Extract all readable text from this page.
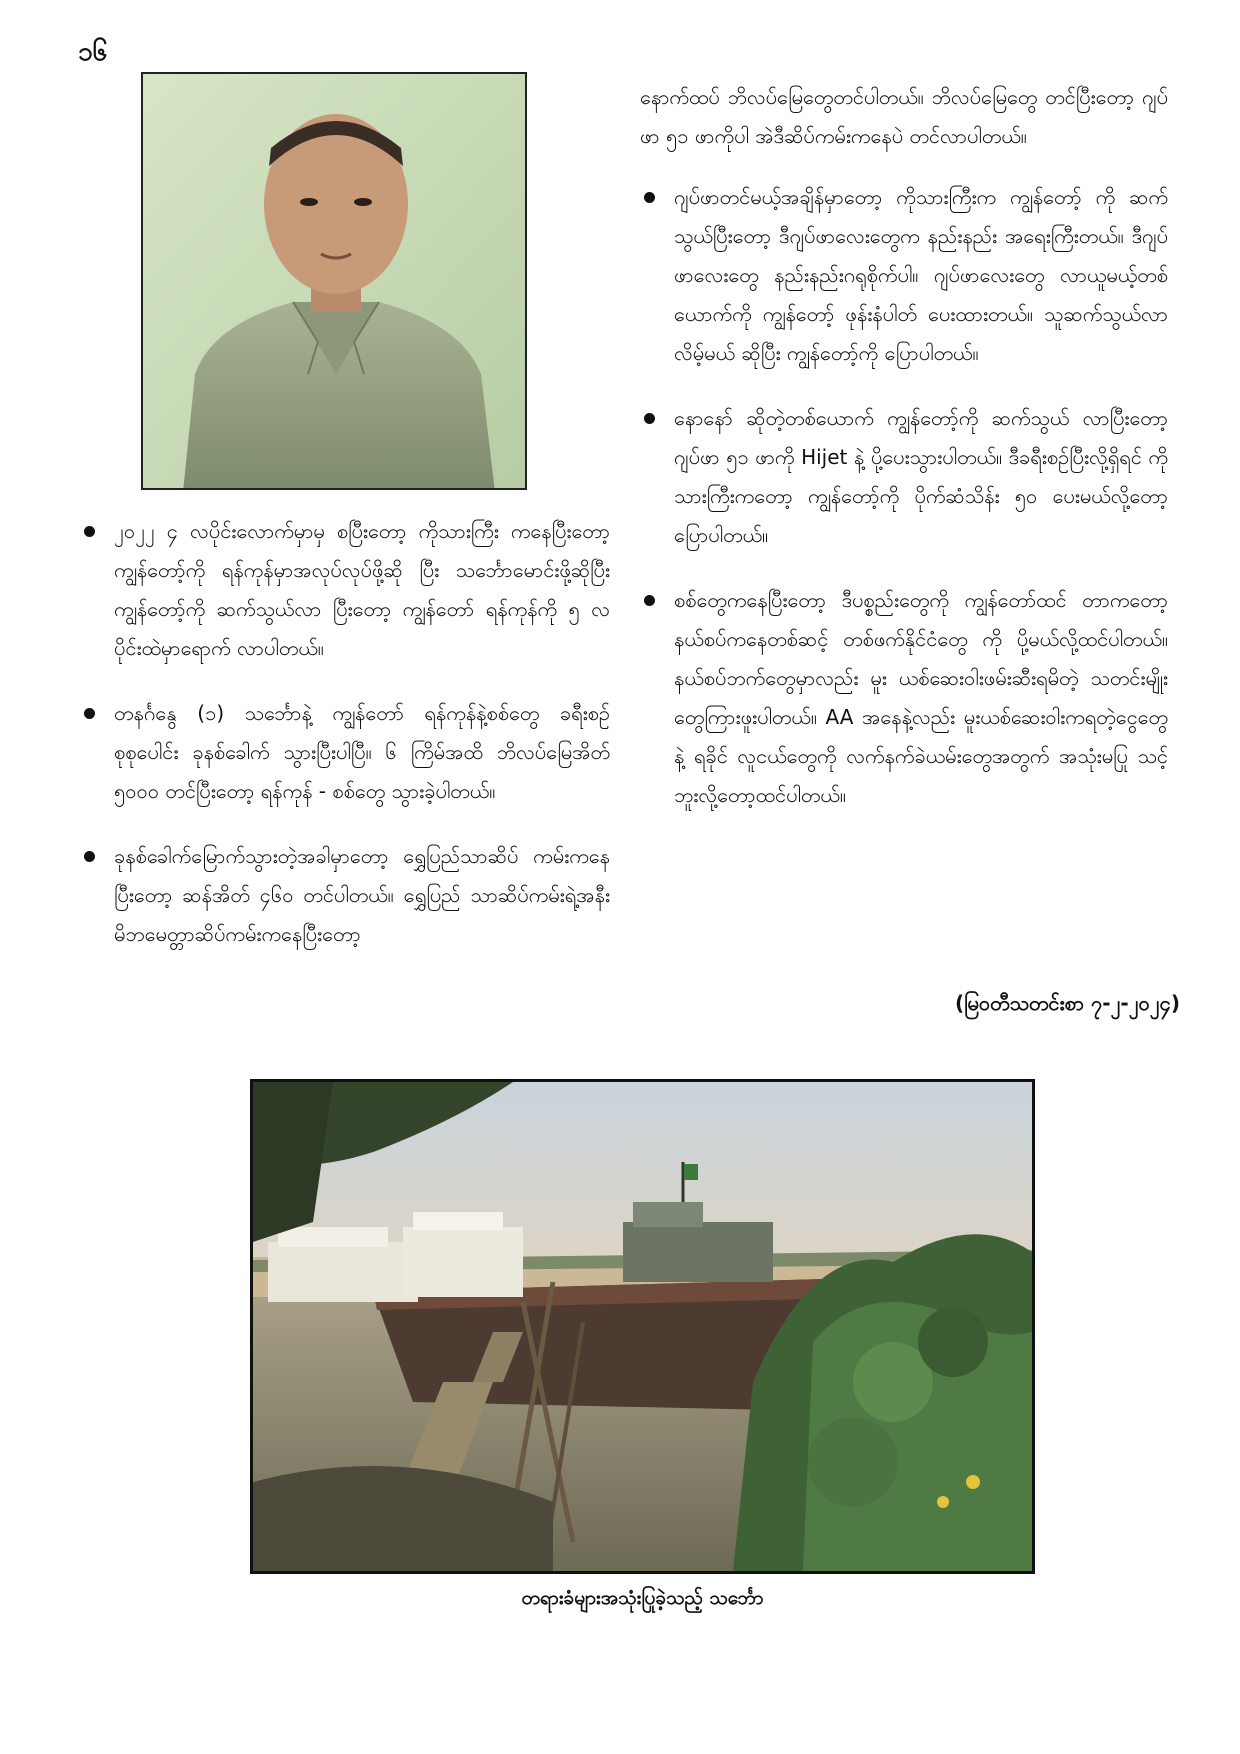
၁၆
၂၀၂၂ ၄ လပိုင်းလောက်မှာမှ စပြီးတော့ ကိုသားကြီး ကနေပြီးတော့ ကျွန်တော့်ကို ရန်ကုန်မှာအလုပ်လုပ်ဖို့ဆို ပြီး သင်္ဘောမောင်းဖို့ဆိုပြီး ကျွန်တော့်ကို ဆက်သွယ်လာ ပြီးတော့ ကျွန်တော် ရန်ကုန်ကို ၅ လ ပိုင်းထဲမှာရောက် လာပါတယ်။
တနင်္ဂနွေ (၁) သင်္ဘောနဲ့ ကျွန်တော် ရန်ကုန်နဲ့စစ်တွေ ခရီးစဉ် စုစုပေါင်း ခုနစ်ခေါက် သွားပြီးပါပြီ။ ၆ ကြိမ်အထိ ဘိလပ်မြေအိတ် ၅၀၀၀ တင်ပြီးတော့ ရန်ကုန် - စစ်တွေ သွားခဲ့ပါတယ်။
ခုနစ်ခေါက်မြောက်သွားတဲ့အခါမှာတော့ ရွှေပြည်သာဆိပ် ကမ်းကနေပြီးတော့ ဆန်အိတ် ၄၆၀ တင်ပါတယ်။ ရွှေပြည် သာဆိပ်ကမ်းရဲ့အနီး မိဘမေတ္တာဆိပ်ကမ်းကနေပြီးတော့

နောက်ထပ် ဘိလပ်မြေတွေတင်ပါတယ်။ ဘိလပ်မြေတွေ တင်ပြီးတော့ ဂျပ်ဖာ ၅၁ ဖာကိုပါ အဲဒီဆိပ်ကမ်းကနေပဲ တင်လာပါတယ်။

ဂျပ်ဖာတင်မယ့်အချိန်မှာတော့ ကိုသားကြီးက ကျွန်တော့် ကို ဆက်သွယ်ပြီးတော့ ဒီဂျပ်ဖာလေးတွေက နည်းနည်း အရေးကြီးတယ်။ ဒီဂျပ်ဖာလေးတွေ နည်းနည်းဂရုစိုက်ပါ။ ဂျပ်ဖာလေးတွေ လာယူမယ့်တစ်ယောက်ကို ကျွန်တော့် ဖုန်းနံပါတ် ပေးထားတယ်။ သူဆက်သွယ်လာလိမ့်မယ် ဆိုပြီး ကျွန်တော့်ကို ပြောပါတယ်။
နောနော် ဆိုတဲ့တစ်ယောက် ကျွန်တော့်ကို ဆက်သွယ် လာပြီးတော့ ဂျပ်ဖာ ၅၁ ဖာကို Hijet နဲ့ ပို့ပေးသွားပါတယ်။ ဒီခရီးစဉ်ပြီးလို့ရှိရင် ကိုသားကြီးကတော့ ကျွန်တော့်ကို ပိုက်ဆံသိန်း ၅၀ ပေးမယ်လို့တော့ ပြောပါတယ်။
စစ်တွေကနေပြီးတော့ ဒီပစ္စည်းတွေကို ကျွန်တော်ထင် တာကတော့ နယ်စပ်ကနေတစ်ဆင့် တစ်ဖက်နိုင်ငံတွေ ကို ပို့မယ်လို့ထင်ပါတယ်။ နယ်စပ်ဘက်တွေမှာလည်း မူး ယစ်ဆေးဝါးဖမ်းဆီးရမိတဲ့ သတင်းမျိုးတွေကြားဖူးပါတယ်။ AA အနေနဲ့လည်း မူးယစ်ဆေးဝါးကရတဲ့ငွေတွေနဲ့ ရခိုင် လူငယ်တွေကို လက်နက်ခဲယမ်းတွေအတွက် အသုံးမပြု သင့်ဘူးလို့တော့ထင်ပါတယ်။
(မြဝတီသတင်းစာ ၇-၂-၂၀၂၄)
တရားခံများအသုံးပြုခဲ့သည့် သင်္ဘော
